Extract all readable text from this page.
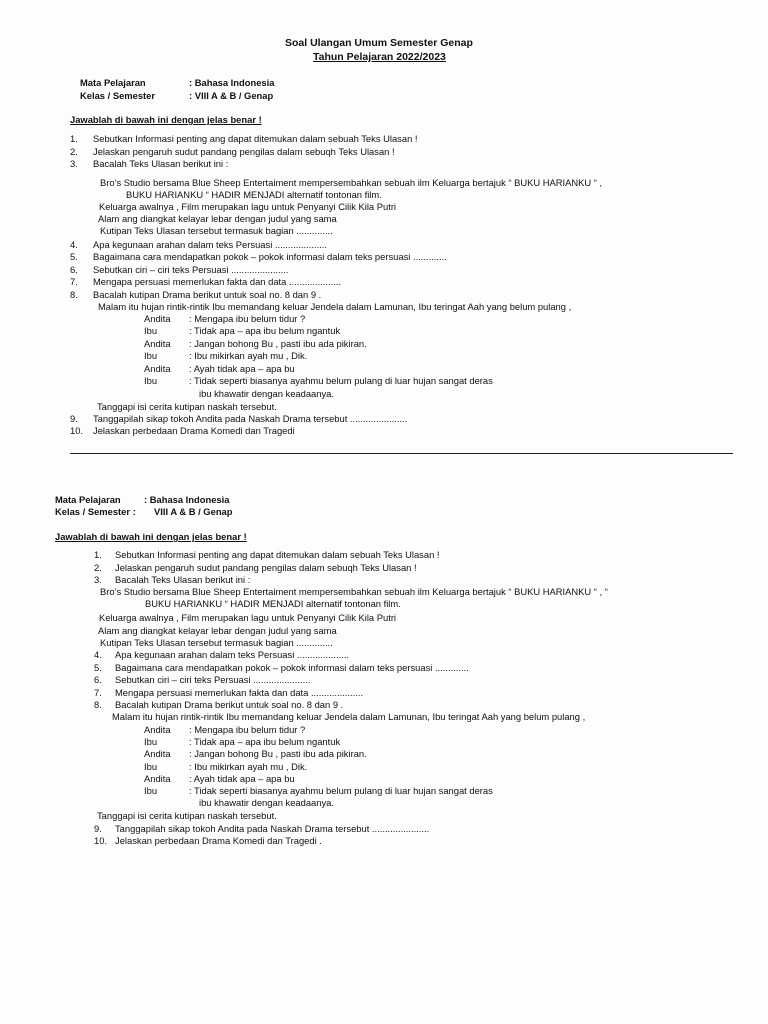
Soal Ulangan Umum Semester Genap
Tahun Pelajaran 2022/2023
Mata Pelajaran	: Bahasa Indonesia
Kelas / Semester	: VIII A & B / Genap
Jawablah di bawah ini dengan jelas benar !
1. Sebutkan Informasi penting ang dapat ditemukan dalam sebuah Teks Ulasan !
2. Jelaskan pengaruh sudut pandang pengilas dalam sebuqh Teks Ulasan !
3. Bacalah Teks Ulasan berikut ini :
Bro’s Studio bersama Blue Sheep Entertaiment mempersembahkan sebuah ilm Keluarga bertajuk “ BUKU HARIANKU “ ,
BUKU HARIANKU “ HADIR MENJADI alternatif tontonan film.
Keluarga awalnya , Film merupakan lagu untuk Penyanyi Cilik Kila Putri
Alam ang diangkat kelayar lebar dengan judul yang sama
Kutipan Teks Ulasan tersebut termasuk bagian ..............
4. Apa kegunaan arahan dalam teks Persuasi ....................
5. Bagaimana cara mendapatkan pokok – pokok informasi dalam teks persuasi .............
6. Sebutkan ciri – ciri teks Persuasi ......................
7. Mengapa persuasi memerlukan fakta dan data ....................
8. Bacalah kutipan Drama berikut untuk soal no. 8 dan 9 .
Malam itu hujan rintik-rintik Ibu memandang keluar Jendela dalam Lamunan, Ibu teringat Aah yang belum pulang ,
Andita : Mengapa ibu belum tidur ?
Ibu	: Tidak apa – apa ibu belum ngantuk
Andita : Jangan bohong Bu , pasti ibu ada pikiran.
Ibu	: Ibu mikirkan ayah mu , Dik.
Andita : Ayah tidak apa – apa bu
Ibu	: Tidak seperti biasanya ayahmu belum pulang di luar hujan sangat deras
ibu khawatir dengan keadaanya.
Tanggapi isi cerita kutipan naskah tersebut.
9. Tanggapilah sikap tokoh Andita pada Naskah Drama tersebut ......................
10. Jelaskan perbedaan Drama Komedi dan Tragedi
Mata Pelajaran : Bahasa Indonesia
Kelas / Semester : VIII A & B / Genap
Jawablah di bawah ini dengan jelas benar !
1. Sebutkan Informasi penting ang dapat ditemukan dalam sebuah Teks Ulasan !
2. Jelaskan pengaruh sudut pandang pengilas dalam sebuqh Teks Ulasan !
3. Bacalah Teks Ulasan berikut ini :
Bro’s Studio bersama Blue Sheep Entertaiment mempersembahkan sebuah ilm Keluarga bertajuk “ BUKU HARIANKU “ , “
BUKU HARIANKU “ HADIR MENJADI alternatif tontonan film.
Keluarga awalnya , Film merupakan lagu untuk Penyanyi Cilik Kila Putri
Alam ang diangkat kelayar lebar dengan judul yang sama
Kutipan Teks Ulasan tersebut termasuk bagian ..............
4. Apa kegunaan arahan dalam teks Persuasi ....................
5. Bagaimana cara mendapatkan pokok – pokok informasi dalam teks persuasi .............
6. Sebutkan ciri – ciri teks Persuasi ......................
7. Mengapa persuasi memerlukan fakta dan data ....................
8. Bacalah kutipan Drama berikut untuk soal no. 8 dan 9 .
Malam itu hujan rintik-rintik Ibu memandang keluar Jendela dalam Lamunan, Ibu teringat Aah yang belum pulang ,
Andita : Mengapa ibu belum tidur ?
Ibu	: Tidak apa – apa ibu belum ngantuk
Andita : Jangan bohong Bu , pasti ibu ada pikiran.
Ibu	: Ibu mikirkan ayah mu , Dik.
Andita : Ayah tidak apa – apa bu
Ibu	: Tidak seperti biasanya ayahmu belum pulang di luar hujan sangat deras
ibu khawatir dengan keadaanya.
Tanggapi isi cerita kutipan naskah tersebut.
9. Tanggapilah sikap tokoh Andita pada Naskah Drama tersebut ......................
10. Jelaskan perbedaan Drama Komedi dan Tragedi .
